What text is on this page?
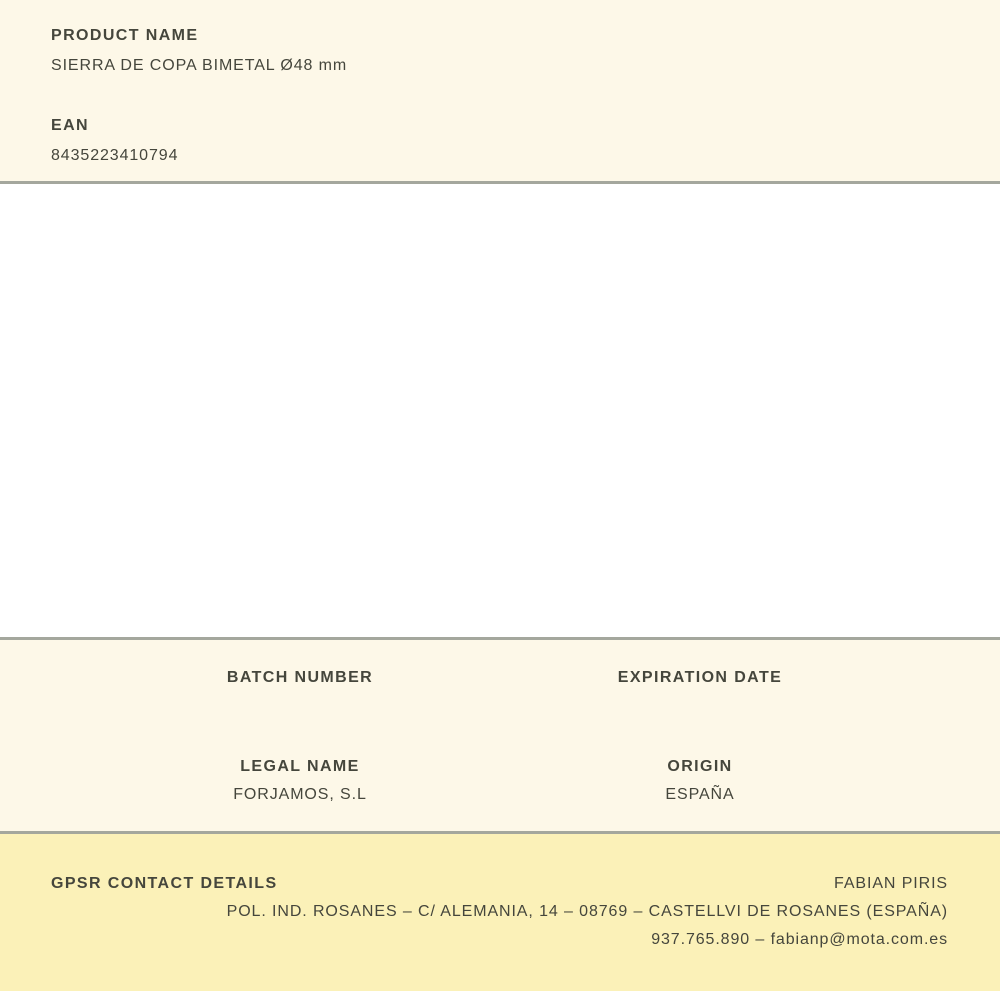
PRODUCT NAME
SIERRA DE COPA BIMETAL Ø48 mm
EAN
8435223410794
BATCH NUMBER	EXPIRATION DATE
LEGAL NAME
FORJAMOS, S.L
ORIGIN
ESPAÑA
GPSR CONTACT DETAILS	FABIAN PIRIS
POL. IND. ROSANES – C/ ALEMANIA, 14 – 08769 – CASTELLVI DE ROSANES (ESPAÑA)
937.765.890 – fabianp@mota.com.es
